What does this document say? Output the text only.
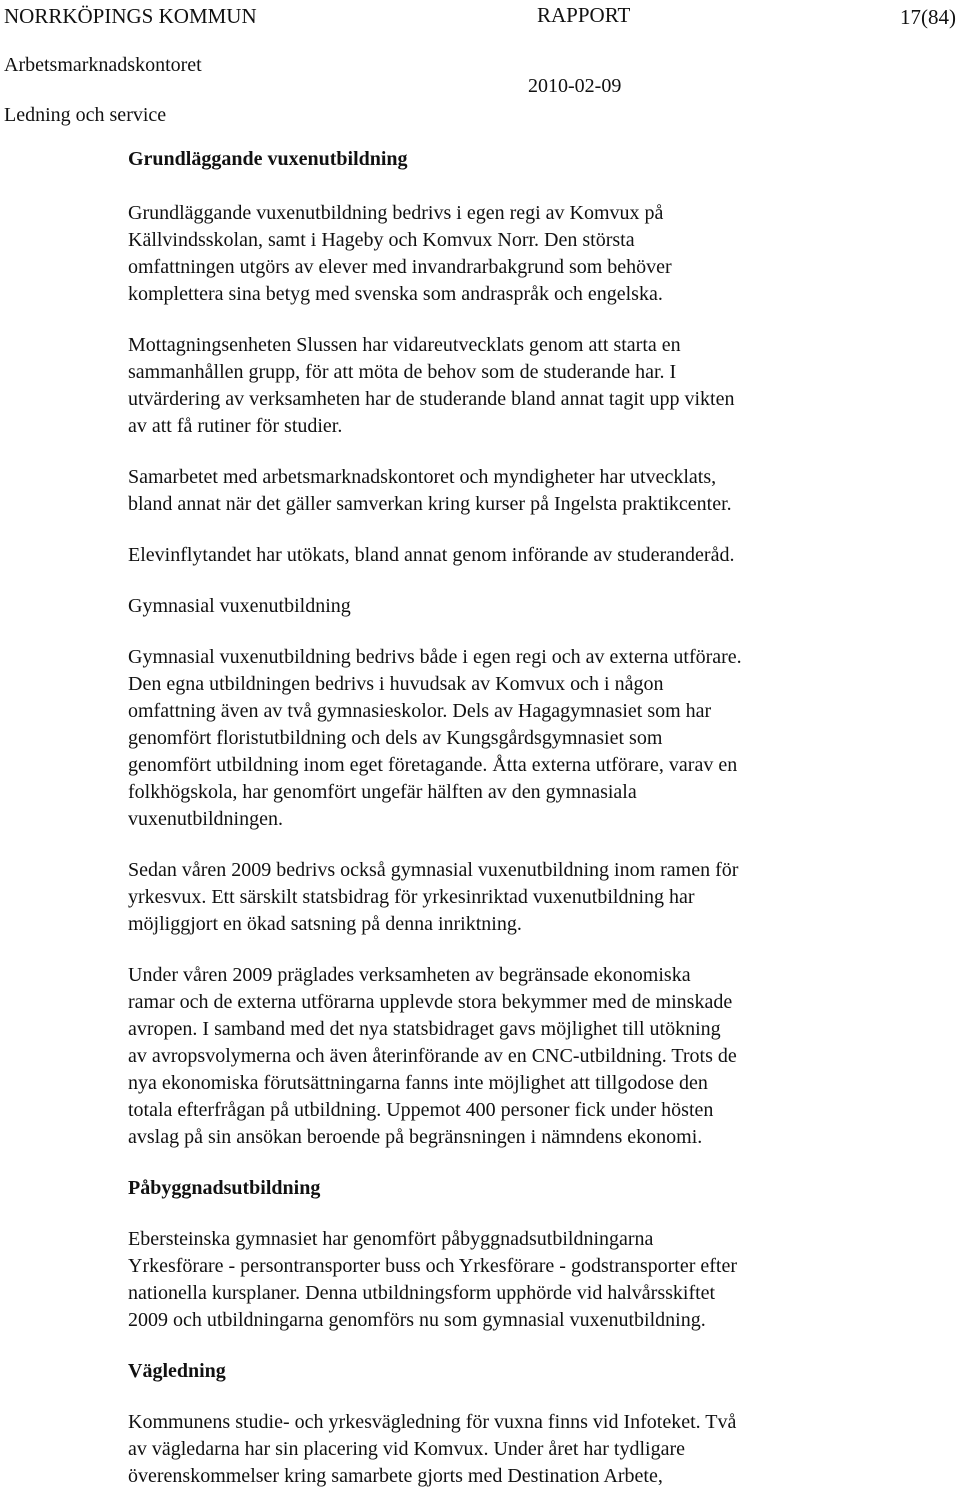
NORRKÖPINGS KOMMUN	RAPPORT	17(84)
Arbetsmarknadskontoret
2010-02-09
Ledning och service
Grundläggande vuxenutbildning
Grundläggande vuxenutbildning bedrivs i egen regi av Komvux på
Källvindsskolan, samt i Hageby och Komvux Norr. Den största
omfattningen utgörs av elever med invandrarbakgrund som behöver
komplettera sina betyg med svenska som andraspråk och engelska.
Mottagningsenheten Slussen har vidareutvecklats genom att starta en
sammanhållen grupp, för att möta de behov som de studerande har. I
utvärdering av verksamheten har de studerande bland annat tagit upp vikten
av att få rutiner för studier.
Samarbetet med arbetsmarknadskontoret och myndigheter har utvecklats,
bland annat när det gäller samverkan kring kurser på Ingelsta praktikcenter.
Elevinflytandet har utökats, bland annat genom införande av studeranderåd.
Gymnasial vuxenutbildning
Gymnasial vuxenutbildning bedrivs både i egen regi och av externa utförare.
Den egna utbildningen bedrivs i huvudsak av Komvux och i någon
omfattning även av två gymnasieskolor. Dels av Hagagymnasiet som har
genomfört floristutbildning och dels av Kungsgårdsgymnasiet som
genomfört utbildning inom eget företagande. Åtta externa utförare, varav en
folkhögskola, har genomfört ungefär hälften av den gymnasiala
vuxenutbildningen.
Sedan våren 2009 bedrivs också gymnasial vuxenutbildning inom ramen för
yrkesvux. Ett särskilt statsbidrag för yrkesinriktad vuxenutbildning har
möjliggjort en ökad satsning på denna inriktning.
Under våren 2009 präglades verksamheten av begränsade ekonomiska
ramar och de externa utförarna upplevde stora bekymmer med de minskade
avropen. I samband med det nya statsbidraget gavs möjlighet till utökning
av avropsvolymerna och även återinförande av en CNC-utbildning. Trots de
nya ekonomiska förutsättningarna fanns inte möjlighet att tillgodose den
totala efterfrågan på utbildning. Uppemot 400 personer fick under hösten
avslag på sin ansökan beroende på begränsningen i nämndens ekonomi.
Påbyggnadsutbildning
Ebersteinska gymnasiet har genomfört påbyggnadsutbildningarna
Yrkesförare - persontransporter buss och Yrkesförare - godstransporter efter
nationella kursplaner. Denna utbildningsform upphörde vid halvårsskiftet
2009 och utbildningarna genomförs nu som gymnasial vuxenutbildning.
Vägledning
Kommunens studie- och yrkesvägledning för vuxna finns vid Infoteket. Två
av vägledarna har sin placering vid Komvux. Under året har tydligare
överenskommelser kring samarbete gjorts med Destination Arbete,
